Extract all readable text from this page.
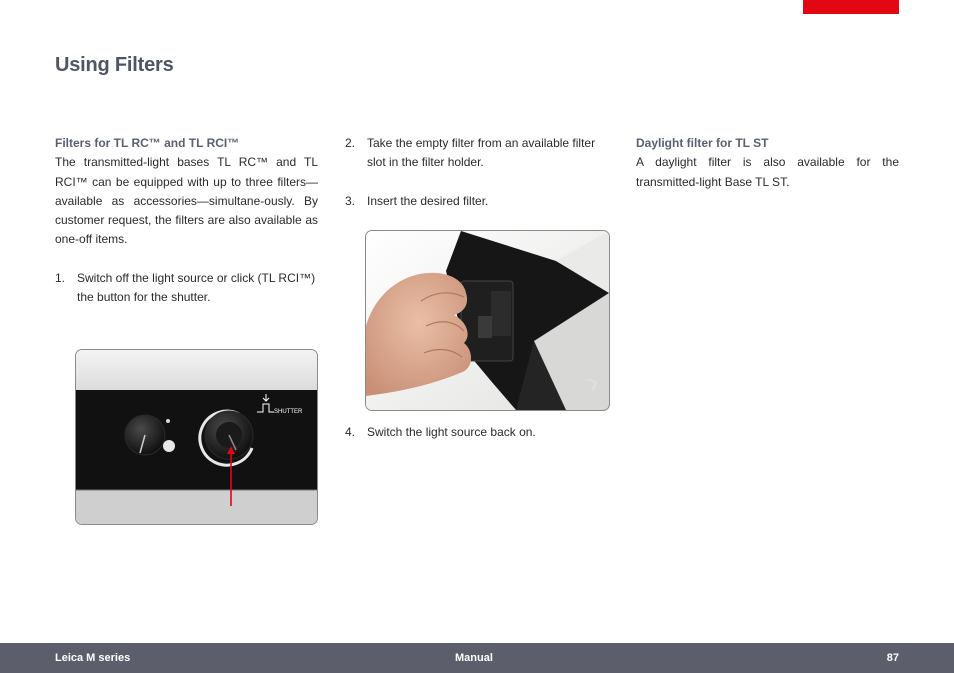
Using Filters

Filters for TL RC™ and TL RCI™

The transmitted-light bases TL RC™ and TL RCI™ can be equipped with up to three filters—available as accessories—simultane-ously. By customer request, the filters are also available as one-off items.

1. Switch off the light source or click (TL RCI™) the button for the shutter.
SHUTTER
2. Take the empty filter from an available filter slot in the filter holder.
3. Insert the desired filter.
4. Switch the light source back on.

Daylight filter for TL ST

A daylight filter is also available for the transmitted-light Base TL ST.

Leica M series	Manual	87
